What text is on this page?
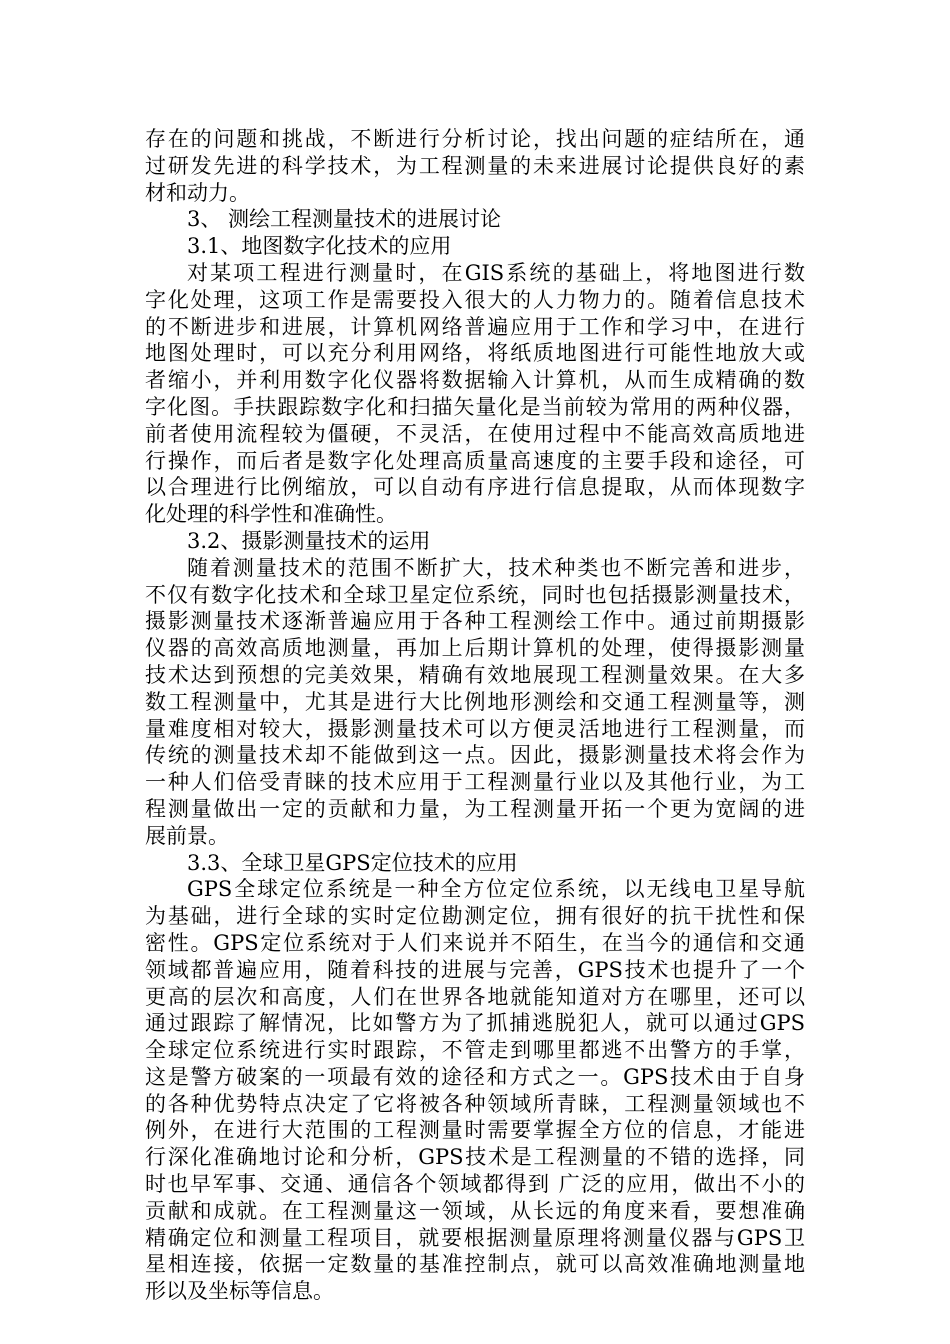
存在的问题和挑战，不断进行分析讨论，找出问题的症结所在，通
过研发先进的科学技术，为工程测量的未来进展讨论提供良好的素
材和动力。
3、 测绘工程测量技术的进展讨论
3.1、地图数字化技术的应用
对某项工程进行测量时，在GIS系统的基础上，将地图进行数
字化处理，这项工作是需要投入很大的人力物力的。随着信息技术
的不断进步和进展，计算机网络普遍应用于工作和学习中，在进行
地图处理时，可以充分利用网络，将纸质地图进行可能性地放大或
者缩小，并利用数字化仪器将数据输入计算机，从而生成精确的数
字化图。手扶跟踪数字化和扫描矢量化是当前较为常用的两种仪器，
前者使用流程较为僵硬，不灵活，在使用过程中不能高效高质地进
行操作，而后者是数字化处理高质量高速度的主要手段和途径，可
以合理进行比例缩放，可以自动有序进行信息提取，从而体现数字
化处理的科学性和准确性。
3.2、摄影测量技术的运用
随着测量技术的范围不断扩大，技术种类也不断完善和进步，
不仅有数字化技术和全球卫星定位系统，同时也包括摄影测量技术，
摄影测量技术逐渐普遍应用于各种工程测绘工作中。通过前期摄影
仪器的高效高质地测量，再加上后期计算机的处理，使得摄影测量
技术达到预想的完美效果，精确有效地展现工程测量效果。在大多
数工程测量中，尤其是进行大比例地形测绘和交通工程测量等，测
量难度相对较大，摄影测量技术可以方便灵活地进行工程测量，而
传统的测量技术却不能做到这一点。因此，摄影测量技术将会作为
一种人们倍受青睐的技术应用于工程测量行业以及其他行业，为工
程测量做出一定的贡献和力量，为工程测量开拓一个更为宽阔的进
展前景。
3.3、全球卫星GPS定位技术的应用
GPS全球定位系统是一种全方位定位系统，以无线电卫星导航
为基础，进行全球的实时定位勘测定位，拥有很好的抗干扰性和保
密性。GPS定位系统对于人们来说并不陌生，在当今的通信和交通
领域都普遍应用，随着科技的进展与完善，GPS技术也提升了一个
更高的层次和高度，人们在世界各地就能知道对方在哪里，还可以
通过跟踪了解情况，比如警方为了抓捕逃脱犯人，就可以通过GPS
全球定位系统进行实时跟踪，不管走到哪里都逃不出警方的手掌，
这是警方破案的一项最有效的途径和方式之一。GPS技术由于自身
的各种优势特点决定了它将被各种领域所青睐，工程测量领域也不
例外，在进行大范围的工程测量时需要掌握全方位的信息，才能进
行深化准确地讨论和分析，GPS技术是工程测量的不错的选择，同
时也早军事、交通、通信各个领域都得到 广泛的应用，做出不小的
贡献和成就。在工程测量这一领域，从长远的角度来看，要想准确
精确定位和测量工程项目，就要根据测量原理将测量仪器与GPS卫
星相连接，依据一定数量的基准控制点，就可以高效准确地测量地
形以及坐标等信息。
